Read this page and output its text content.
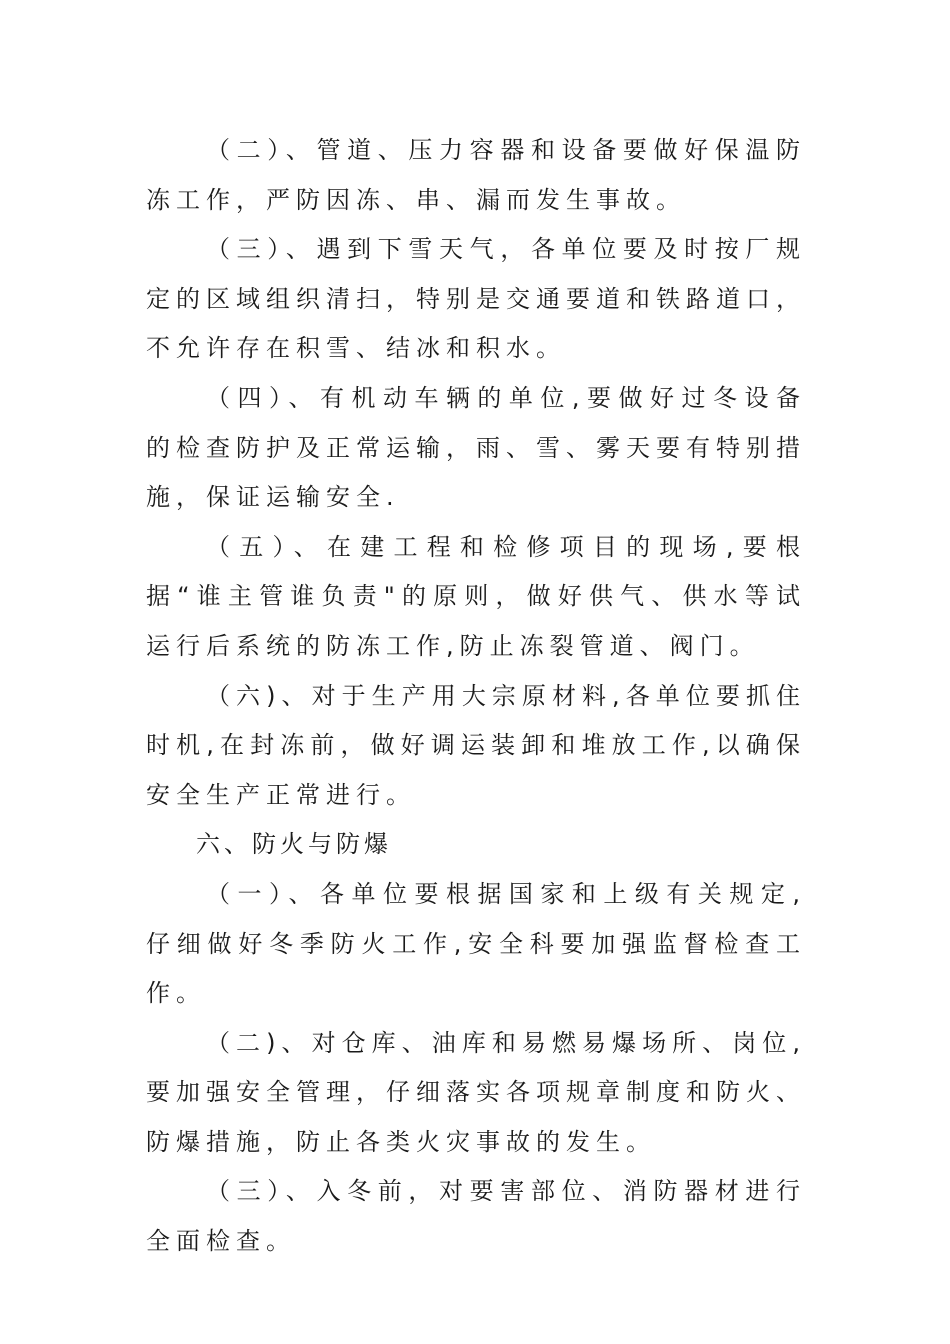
（二）、管道、压力容器和设备要做好保温防冻工作，严防因冻、串、漏而发生事故。

（三）、遇到下雪天气，各单位要及时按厂规定的区域组织清扫，特别是交通要道和铁路道口，不允许存在积雪、结冰和积水。

（四）、有机动车辆的单位,要做好过冬设备的检查防护及正常运输，雨、雪、雾天要有特别措施，保证运输安全.

（五）、在建工程和检修项目的现场,要根据“谁主管谁负责"的原则，做好供气、供水等试运行后系统的防冻工作,防止冻裂管道、阀门。

（六)、对于生产用大宗原材料,各单位要抓住时机,在封冻前，做好调运装卸和堆放工作,以确保安全生产正常进行。

六、防火与防爆

（一）、各单位要根据国家和上级有关规定,仔细做好冬季防火工作,安全科要加强监督检查工作。

（二)、对仓库、油库和易燃易爆场所、岗位,要加强安全管理，仔细落实各项规章制度和防火、防爆措施，防止各类火灾事故的发生。

（三）、入冬前，对要害部位、消防器材进行全面检查。
